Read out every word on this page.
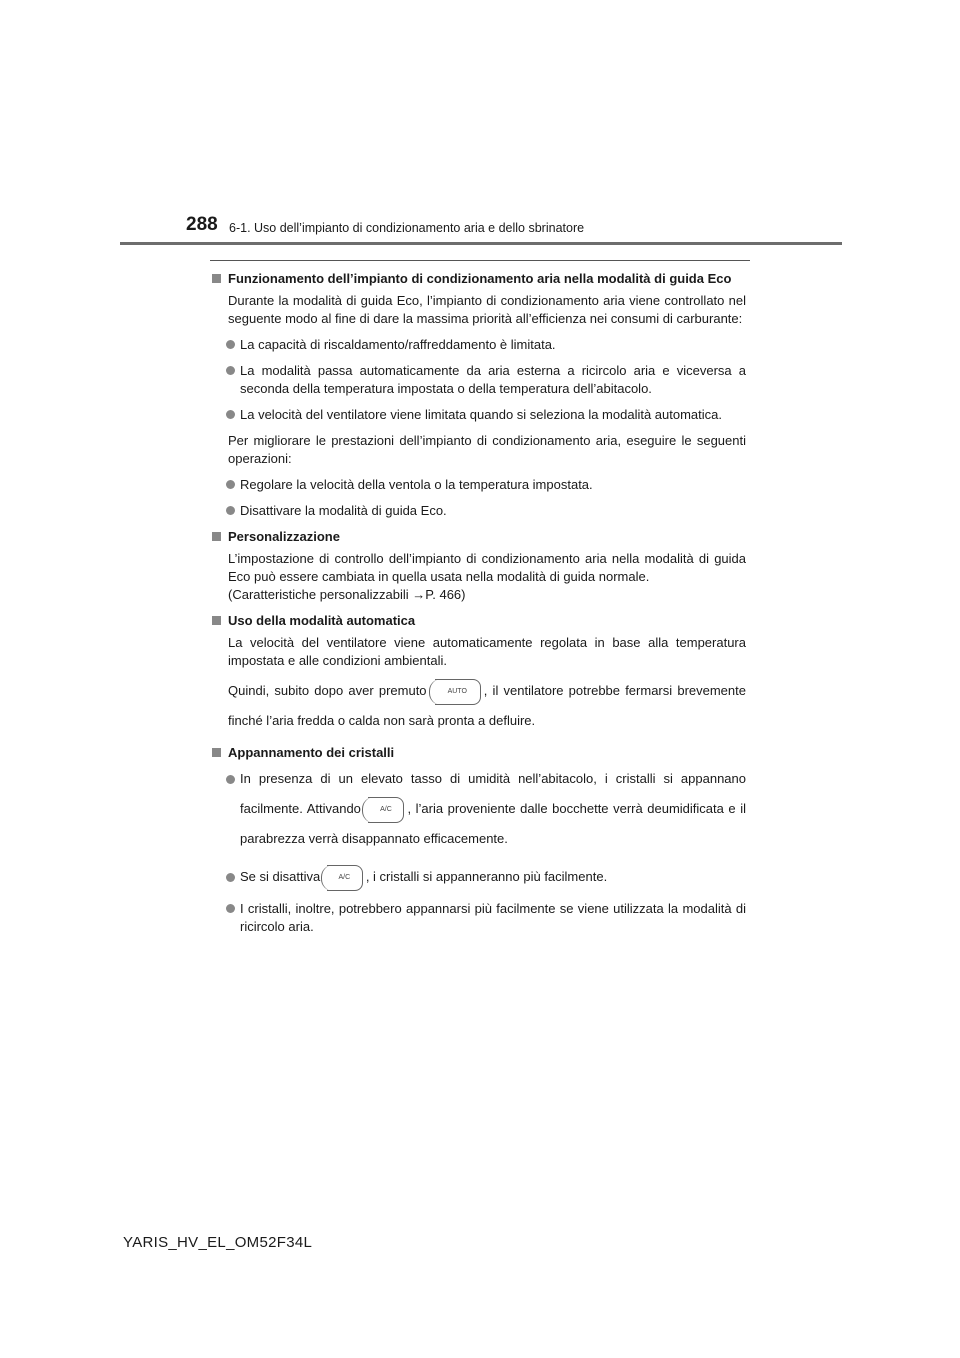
288 6-1. Uso dell’impianto di condizionamento aria e dello sbrinatore
Funzionamento dell’impianto di condizionamento aria nella modalità di guida Eco
Durante la modalità di guida Eco, l’impianto di condizionamento aria viene controllato nel seguente modo al fine di dare la massima priorità all’efficienza nei consumi di carburante:
La capacità di riscaldamento/raffreddamento è limitata.
La modalità passa automaticamente da aria esterna a ricircolo aria e viceversa a seconda della temperatura impostata o della temperatura dell’abitacolo.
La velocità del ventilatore viene limitata quando si seleziona la modalità automatica.
Per migliorare le prestazioni dell’impianto di condizionamento aria, eseguire le seguenti operazioni:
Regolare la velocità della ventola o la temperatura impostata.
Disattivare la modalità di guida Eco.
Personalizzazione
L’impostazione di controllo dell’impianto di condizionamento aria nella modalità di guida Eco può essere cambiata in quella usata nella modalità di guida normale.
(Caratteristiche personalizzabili →P. 466)
Uso della modalità automatica
La velocità del ventilatore viene automaticamente regolata in base alla temperatura impostata e alle condizioni ambientali.
Quindi, subito dopo aver premuto	AUTO , il ventilatore potrebbe fermarsi brevemente finché l’aria fredda o calda non sarà pronta a defluire.
Appannamento dei cristalli
In presenza di un elevato tasso di umidità nell’abitacolo, i cristalli si appannano facilmente. Attivando	A/C , l’aria proveniente dalle bocchette verrà deumidificata e il parabrezza verrà disappannato efficacemente.
Se si disattiva	A/C , i cristalli si appanneranno più facilmente.
I cristalli, inoltre, potrebbero appannarsi più facilmente se viene utilizzata la modalità di ricircolo aria.
YARIS_HV_EL_OM52F34L
